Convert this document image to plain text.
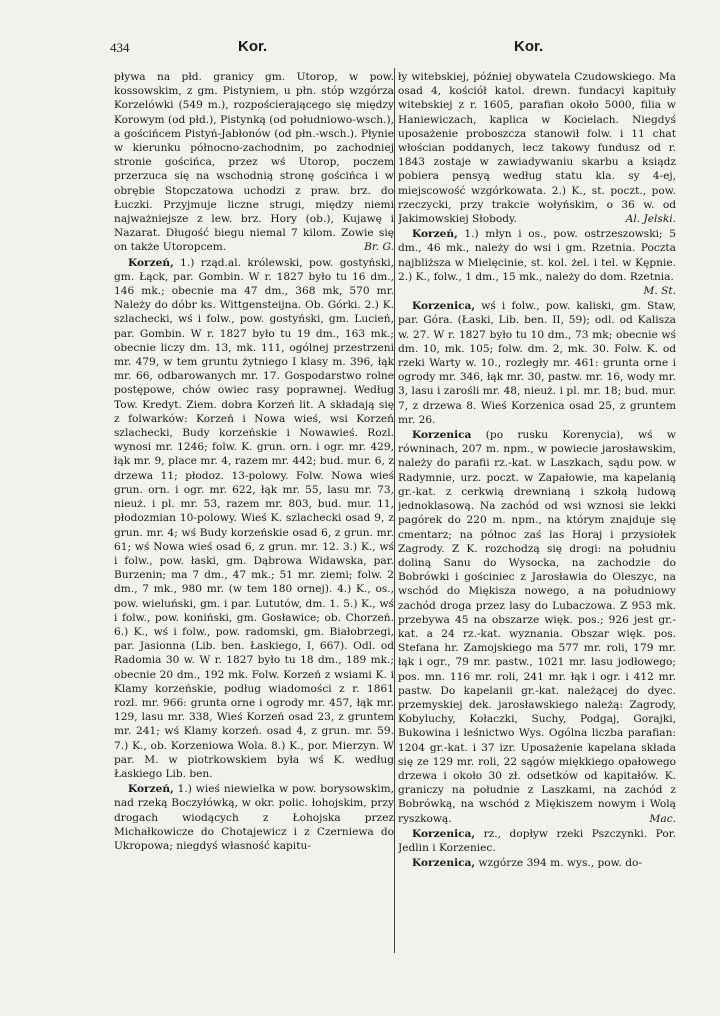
434	Kor.	Kor.

pływa na płd. granicy gm. Utorop, w pow. kossowskim, z gm. Pistyniem, u płn. stóp wzgórza Korzelówki (549 m.), rozpościerającego się między Korowym (od płd.), Pistynką (od południowo-wsch.), a gościńcem Pistyń-Jabłonów (od płn.-wsch.). Płynie w kierunku północno-zachodnim, po zachodniej stronie gościńca, przez wś Utorop, poczem przerzuca się na wschodnią stronę gościńca i w obrębie Stopczatowa uchodzi z praw. brz. do Łuczki. Przyjmuje liczne strugi, między niemi najważniejsze z lew. brz. Hory (ob.), Kujawę i Nazarat. Długość biegu niemal 7 kilom. Zowie się on także Utoropcem.	Br. G.

Korzeń, 1.) rząd.al. królewski, pow. gostyński, gm. Łąck, par. Gombin. W r. 1827 było tu 16 dm., 146 mk.; obecnie ma 47 dm., 368 mk, 570 mr. Należy do dóbr ks. Wittgensteijna. Ob. Górki. 2.) K. szlachecki, wś i folw., pow. gostyński, gm. Lucień, par. Gombin. W r. 1827 było tu 19 dm., 163 mk.; obecnie liczy dm. 13, mk. 111, ogólnej przestrzeni mr. 479, w tem gruntu żytniego I klasy m. 396, łąk mr. 66, odbarowanych mr. 17. Gospodarstwo rolne postępowe, chów owiec rasy poprawnej. Według Tow. Kredyt. Ziem. dobra Korzeń lit. A składają się z folwarków: Korzeń i Nowa wieś, wsi Korzeń szlachecki, Budy korzeńskie i Nowawieś. Rozl. wynosi mr. 1246; folw. K. grun. orn. i ogr. mr. 429, łąk mr. 9, place mr. 4, razem mr. 442; bud. mur. 6, z drzewa 11; płodoz. 13-polowy. Folw. Nowa wieś grun. orn. i ogr. mr. 622, łąk mr. 55, lasu mr. 73, nieuż. i pl. mr. 53, razem mr. 803, bud. mur. 11, płodozmian 10-polowy. Wieś K. szlachecki osad 9, z grun. mr. 4; wś Budy korzeńskie osad 6, z grun. mr. 61; wś Nowa wieś osad 6, z grun. mr. 12. 3.) K., wś i folw., pow. łaski, gm. Dąbrowa Widawska, par. Burzenin; ma 7 dm., 47 mk.; 51 mr. ziemi; folw. 2 dm., 7 mk., 980 mr. (w tem 180 ornej). 4.) K., os., pow. wieluński, gm. i par. Lututów, dm. 1. 5.) K., wś i folw., pow. koniński, gm. Gosławice; ob. Chorzeń. 6.) K., wś i folw., pow. radomski, gm. Białobrzegi, par. Jasionna (Lib. ben. Łaskiego, I, 667). Odl. od Radomia 30 w. W r. 1827 było tu 18 dm., 189 mk.; obecnie 20 dm., 192 mk. Folw. Korzeń z wsiami K. i Klamy korzeńskie, podług wiadomości z r. 1861 rozl. mr. 966: grunta orne i ogrody mr. 457, łąk mr. 129, lasu mr. 338, Wieś Korzeń osad 23, z gruntem mr. 241; wś Klamy korzeń. osad 4, z grun. mr. 59. 7.) K., ob. Korzeniowa Wola. 8.) K., por. Mierzyn. W par. M. w piotrkowskiem była wś K. według Łaskiego Lib. ben.

Korzeń, 1.) wieś niewielka w pow. borysowskim, nad rzeką Boczyłówką, w okr. polic. łohojskim, przy drogach wiodących z Łohojska przez Michałkowicze do Chotajewicz i z Czerniewa do Ukropowa; niegdyś własność kapitu-

ły witebskiej, później obywatela Czudowskiego. Ma osad 4, kościół katol. drewn. fundacyi kapituły witebskiej z r. 1605, parafian około 5000, filia w Haniewiczach, kaplica w Kocielach. Niegdyś uposażenie proboszcza stanowił folw. i 11 chat włościan poddanych, lecz takowy fundusz od r. 1843 zostaje w zawiadywaniu skarbu a ksiądz pobiera pensyą według statu kla. sy 4-ej, miejscowość wzgórkowata. 2.) K., st. poczt., pow. rzeczycki, przy trakcie wołyńskim, o 36 w. od Jakimowskiej Słobody.	Al. Jelski.

Korzeń, 1.) młyn i os., pow. ostrzeszowski; 5 dm., 46 mk., należy do wsi i gm. Rzetnia. Poczta najbliższa w Mielęcinie, st. kol. żel. i tel. w Kępnie. 2.) K., folw., 1 dm., 15 mk., należy do dom. Rzetnia.
M. St.

Korzenica, wś i folw., pow. kaliski, gm. Staw, par. Góra. (Łaski, Lib. ben. II, 59); odl. od Kalisza w. 27. W r. 1827 było tu 10 dm., 73 mk; obecnie wś dm. 10, mk. 105; folw. dm. 2, mk. 30. Folw. K. od rzeki Warty w. 10., rozległy mr. 461: grunta orne i ogrody mr. 346, łąk mr. 30, pastw. mr. 16, wody mr. 3, lasu i zarośli mr. 48, nieuż. i pl. mr. 18; bud. mur. 7, z drzewa 8. Wieś Korzenica osad 25, z gruntem mr. 26.

Korzenica (po rusku Korenycia), wś w równinach, 207 m. npm., w powiecie jarosławskim, należy do parafii rz.-kat. w Laszkach, sądu pow. w Radymnie, urz. poczt. w Zapałowie, ma kapelanią gr.-kat. z cerkwią drewnianą i szkołą ludową jednoklasową. Na zachód od wsi wznosi sie lekki pagórek do 220 m. npm., na którym znajduje się cmentarz; na północ zaś las Horaj i przysiołek Zagrody. Z K. rozchodzą się drogi: na południu doliną Sanu do Wysocka, na zachodzie do Bobrówki i gościniec z Jarosławia do Oleszyc, na wschód do Miękisza nowego, a na południowy zachód droga przez lasy do Lubaczowa. Z 953 mk. przebywa 45 na obszarze więk. pos.; 926 jest gr.-kat. a 24 rz.-kat. wyznania. Obszar więk. pos. Stefana hr. Zamojskiego ma 577 mr. roli, 179 mr. łąk i ogr., 79 mr. pastw., 1021 mr. lasu jodłowego; pos. mn. 116 mr. roli, 241 mr. łąk i ogr. i 412 mr. pastw. Do kapelanii gr.-kat. należącej do dyec. przemyskiej dek. jarosławskiego należą: Zagrody, Kobyluchy, Kołaczki, Suchy, Podgaj, Gorajki, Bukowina i leśnictwo Wys. Ogólna liczba parafian: 1204 gr.-kat. i 37 izr. Uposażenie kapelana składa się ze 129 mr. roli, 22 sągów miękkiego opałowego drzewa i około 30 zł. odsetków od kapitałów. K. graniczy na południe z Laszkami, na zachód z Bobrówką, na wschód z Miękiszem nowym i Wolą ryszkową.	Mac.

Korzenica, rz., dopływ rzeki Pszczynki. Por. Jedlin i Korzeniec.

Korzenica, wzgórze 394 m. wys., pow. do-
